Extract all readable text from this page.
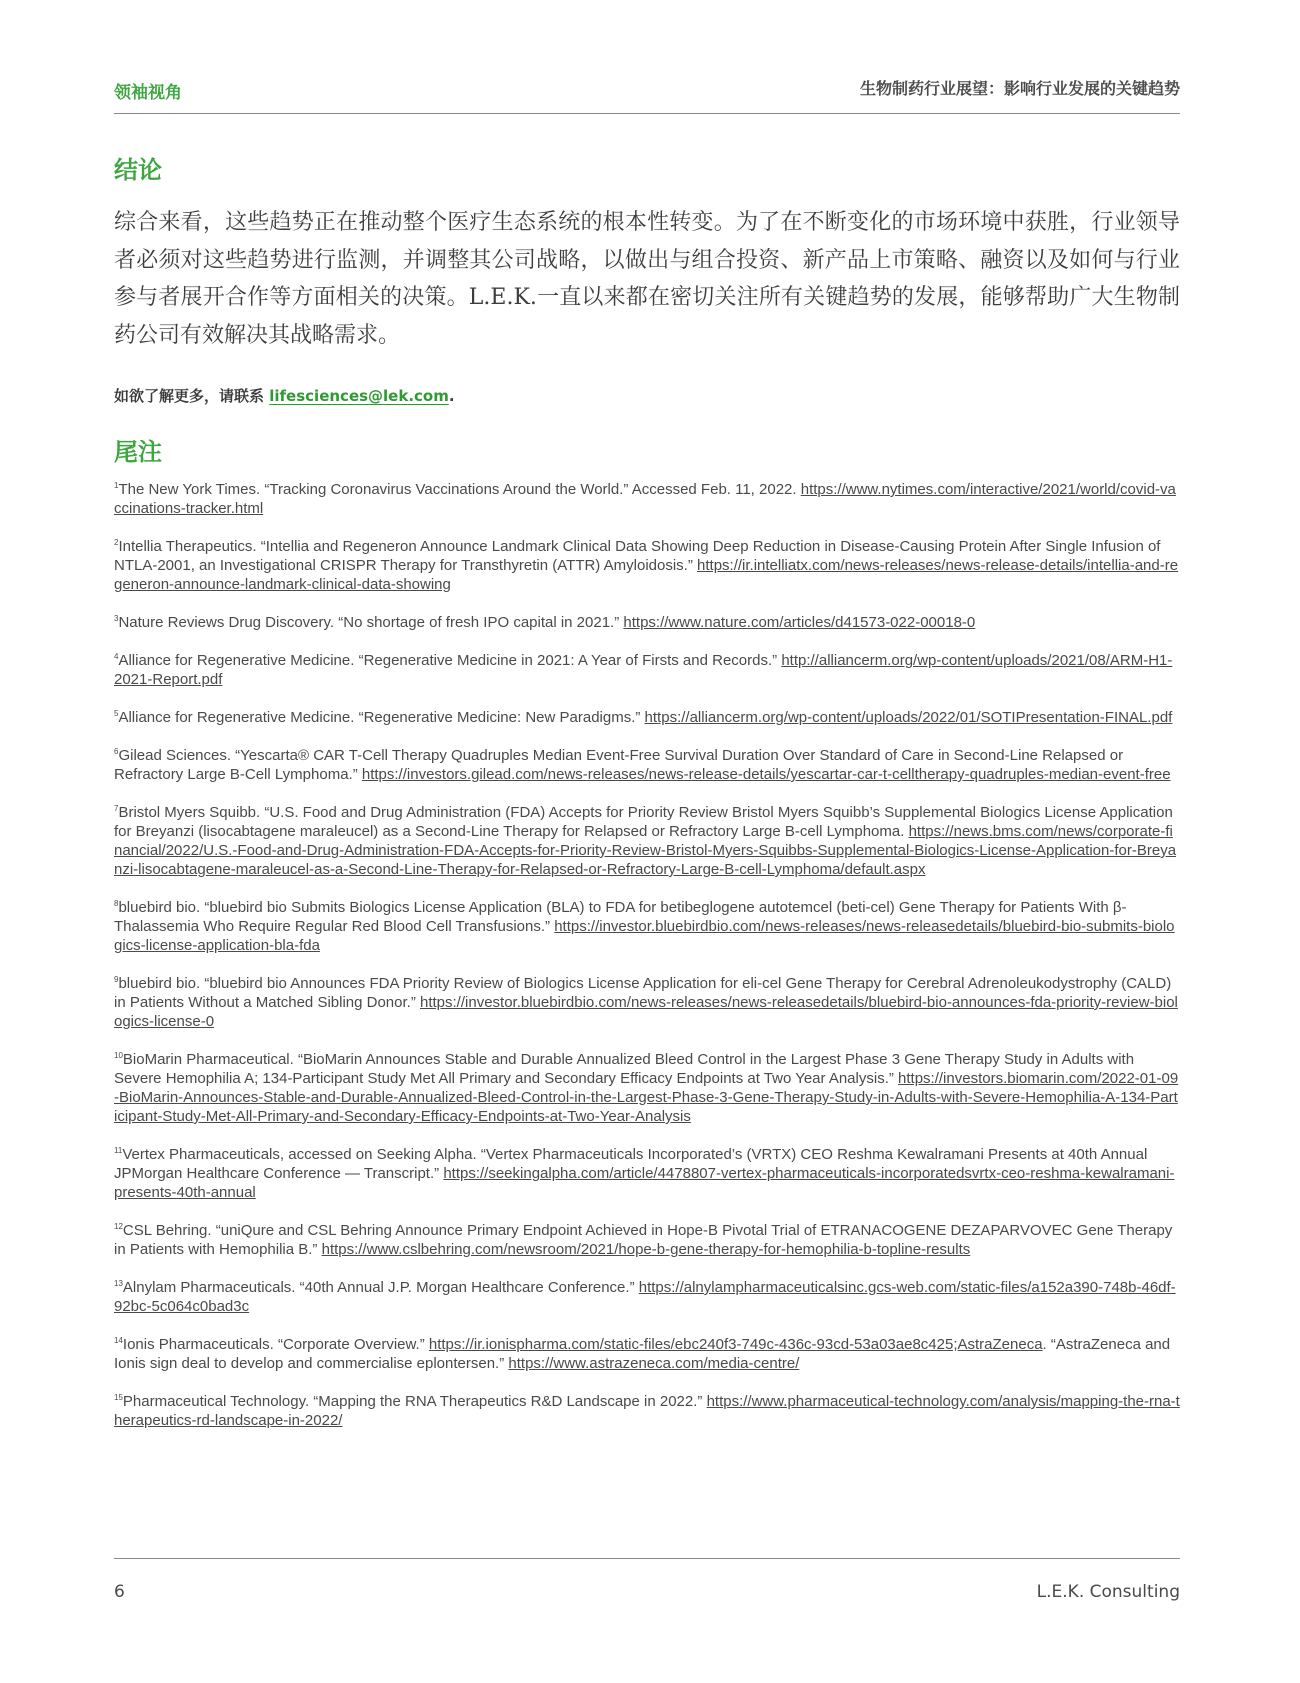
领袖视角	生物制药行业展望：影响行业发展的关键趋势
结论

综合来看，这些趋势正在推动整个医疗生态系统的根本性转变。为了在不断变化的市场环境中获胜，行业领导者必须对这些趋势进行监测，并调整其公司战略，以做出与组合投资、新产品上市策略、融资以及如何与行业参与者展开合作等方面相关的决策。L.E.K.一直以来都在密切关注所有关键趋势的发展，能够帮助广大生物制药公司有效解决其战略需求。

如欲了解更多，请联系 lifesciences@lek.com.
尾注

$^1$The New York Times. “Tracking Coronavirus Vaccinations Around the World.” Accessed Feb. 11, 2022. https://www.nytimes.com/interactive/2021/world/covid-vaccinations-tracker.html

$^2$Intellia Therapeutics. “Intellia and Regeneron Announce Landmark Clinical Data Showing Deep Reduction in Disease-Causing Protein After Single Infusion of NTLA-2001, an Investigational CRISPR Therapy for Transthyretin (ATTR) Amyloidosis.” https://ir.intelliatx.com/news-releases/news-release-details/intellia-and-regeneron-announce-landmark-clinical-data-showing

$^3$Nature Reviews Drug Discovery. “No shortage of fresh IPO capital in 2021.” https://www.nature.com/articles/d41573-022-00018-0

$^4$Alliance for Regenerative Medicine. “Regenerative Medicine in 2021: A Year of Firsts and Records.” http://alliancerm.org/wp-content/uploads/2021/08/ARM-H1-2021-Report.pdf

$^5$Alliance for Regenerative Medicine. “Regenerative Medicine: New Paradigms.” https://alliancerm.org/wp-content/uploads/2022/01/SOTIPresentation-FINAL.pdf

$^6$Gilead Sciences. “Yescarta® CAR T-Cell Therapy Quadruples Median Event-Free Survival Duration Over Standard of Care in Second-Line Relapsed or Refractory Large B-Cell Lymphoma.” https://investors.gilead.com/news-releases/news-release-details/yescartar-car-t-celltherapy-quadruples-median-event-free

$^7$Bristol Myers Squibb. “U.S. Food and Drug Administration (FDA) Accepts for Priority Review Bristol Myers Squibb’s Supplemental Biologics License Application for Breyanzi (lisocabtagene maraleucel) as a Second-Line Therapy for Relapsed or Refractory Large B-cell Lymphoma. https://news.bms.com/news/corporate-financial/2022/U.S.-Food-and-Drug-Administration-FDA-Accepts-for-Priority-Review-Bristol-Myers-Squibbs-Supplemental-Biologics-License-Application-for-Breyanzi-lisocabtagene-maraleucel-as-a-Second-Line-Therapy-for-Relapsed-or-Refractory-Large-B-cell-Lymphoma/default.aspx

$^8$bluebird bio. “bluebird bio Submits Biologics License Application (BLA) to FDA for betibeglogene autotemcel (beti-cel) Gene Therapy for Patients With β-Thalassemia Who Require Regular Red Blood Cell Transfusions.” https://investor.bluebirdbio.com/news-releases/news-releasedetails/bluebird-bio-submits-biologics-license-application-bla-fda

$^9$bluebird bio. “bluebird bio Announces FDA Priority Review of Biologics License Application for eli-cel Gene Therapy for Cerebral Adrenoleukodystrophy (CALD) in Patients Without a Matched Sibling Donor.” https://investor.bluebirdbio.com/news-releases/news-releasedetails/bluebird-bio-announces-fda-priority-review-biologics-license-0

$^{10}$BioMarin Pharmaceutical. “BioMarin Announces Stable and Durable Annualized Bleed Control in the Largest Phase 3 Gene Therapy Study in Adults with Severe Hemophilia A; 134-Participant Study Met All Primary and Secondary Efficacy Endpoints at Two Year Analysis.” https://investors.biomarin.com/2022-01-09-BioMarin-Announces-Stable-and-Durable-Annualized-Bleed-Control-in-the-Largest-Phase-3-Gene-Therapy-Study-in-Adults-with-Severe-Hemophilia-A-134-Participant-Study-Met-All-Primary-and-Secondary-Efficacy-Endpoints-at-Two-Year-Analysis

$^{11}$Vertex Pharmaceuticals, accessed on Seeking Alpha. “Vertex Pharmaceuticals Incorporated’s (VRTX) CEO Reshma Kewalramani Presents at 40th Annual JPMorgan Healthcare Conference — Transcript.” https://seekingalpha.com/article/4478807-vertex-pharmaceuticals-incorporatedsvrtx-ceo-reshma-kewalramani-presents-40th-annual

$^{12}$CSL Behring. “uniQure and CSL Behring Announce Primary Endpoint Achieved in Hope-B Pivotal Trial of ETRANACOGENE DEZAPARVOVEC Gene Therapy in Patients with Hemophilia B.” https://www.cslbehring.com/newsroom/2021/hope-b-gene-therapy-for-hemophilia-b-topline-results

$^{13}$Alnylam Pharmaceuticals. “40th Annual J.P. Morgan Healthcare Conference.” https://alnylampharmaceuticalsinc.gcs-web.com/static-files/a152a390-748b-46df-92bc-5c064c0bad3c

$^{14}$Ionis Pharmaceuticals. “Corporate Overview.” https://ir.ionispharma.com/static-files/ebc240f3-749c-436c-93cd-53a03ae8c425;AstraZeneca. “AstraZeneca and Ionis sign deal to develop and commercialise eplontersen.” https://www.astrazeneca.com/media-centre/

$^{15}$Pharmaceutical Technology. “Mapping the RNA Therapeutics R&D Landscape in 2022.” https://www.pharmaceutical-technology.com/analysis/mapping-the-rna-therapeutics-rd-landscape-in-2022/

6	L.E.K. Consulting
